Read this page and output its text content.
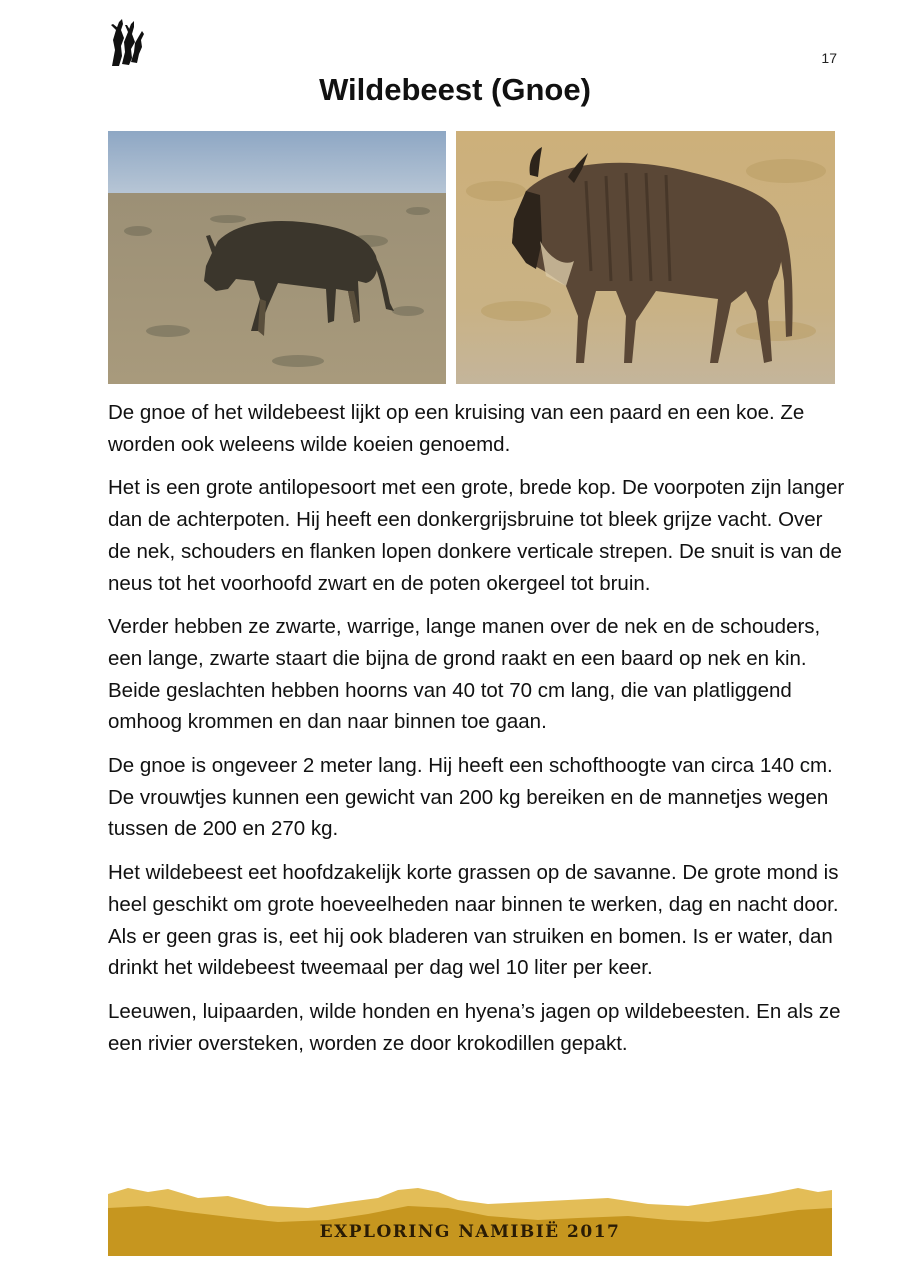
17
Wildebeest (Gnoe)

De gnoe of het wildebeest lijkt op een kruising van een paard en een koe. Ze worden ook weleens wilde koeien genoemd.

Het is een grote antilopesoort met een grote, brede kop. De voorpoten zijn langer dan de achterpoten. Hij heeft een donkergrijsbruine tot bleek grijze vacht. Over de nek, schouders en flanken lopen donkere verticale strepen. De snuit is van de neus tot het voorhoofd zwart en de poten okergeel tot bruin.

Verder hebben ze zwarte, warrige, lange manen over de nek en de schouders, een lange, zwarte staart die bijna de grond raakt en een baard op nek en kin. Beide geslachten hebben hoorns van 40 tot 70 cm lang, die van platliggend omhoog krommen en dan naar binnen toe gaan.

De gnoe is ongeveer 2 meter lang. Hij heeft een schofthoogte van circa 140 cm. De vrouwtjes kunnen een gewicht van 200 kg bereiken en de mannetjes wegen tussen de 200 en 270 kg.

Het wildebeest eet hoofdzakelijk korte grassen op de savanne. De grote mond is heel geschikt om grote hoeveelheden naar binnen te werken, dag en nacht door. Als er geen gras is, eet hij ook bladeren van struiken en bomen. Is er water, dan drinkt het wildebeest tweemaal per dag wel 10 liter per keer.

Leeuwen, luipaarden, wilde honden en hyena’s jagen op wildebeesten. En als ze een rivier oversteken, worden ze door krokodillen gepakt.

EXPLORING NAMIBIË 2017
